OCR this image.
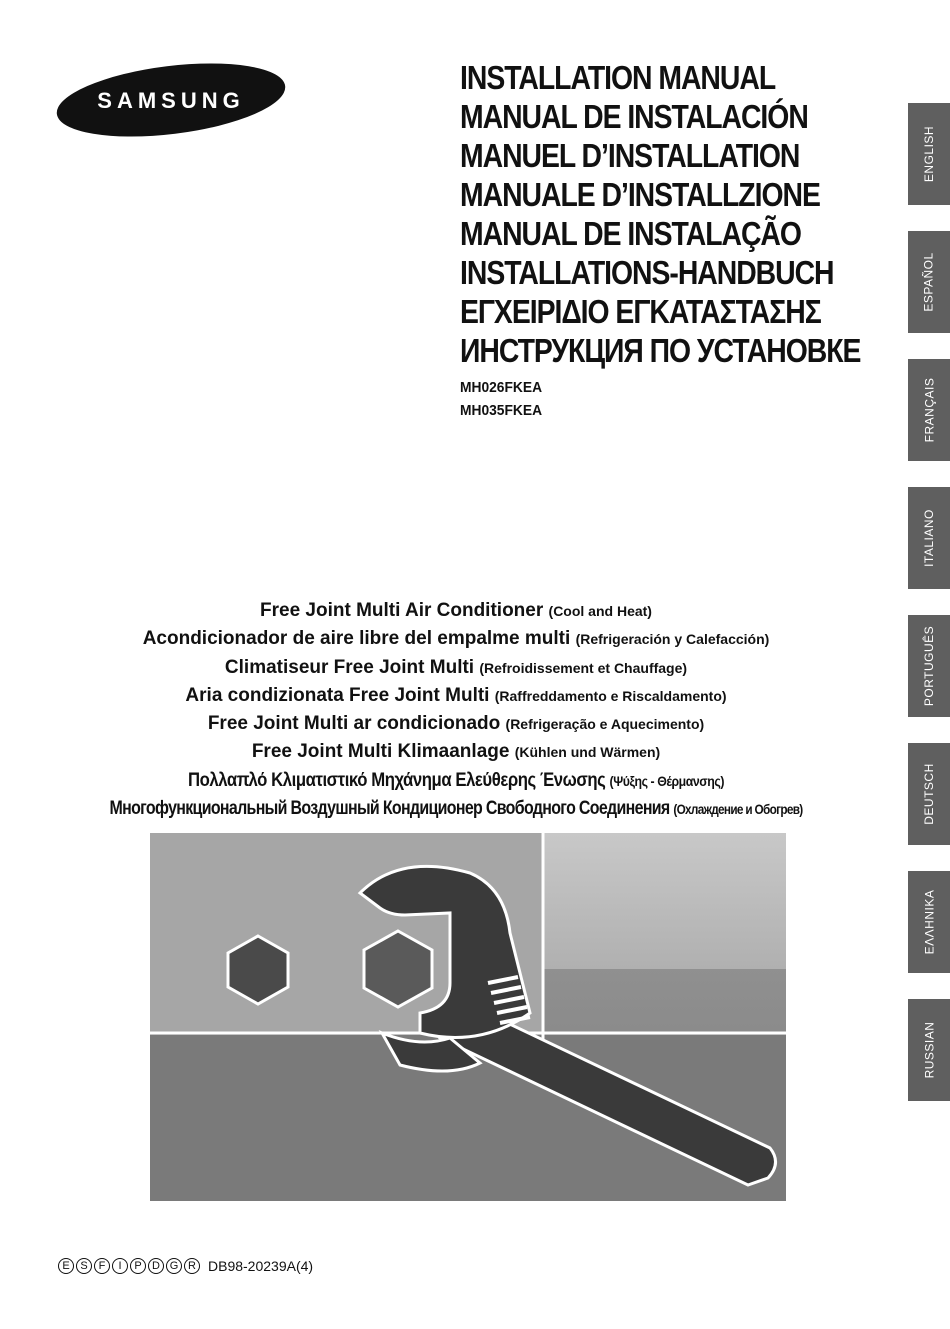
SAMSUNG
INSTALLATION MANUAL
MANUAL DE INSTALACIÓN
MANUEL D’INSTALLATION
MANUALE D’INSTALLZIONE
MANUAL DE INSTALAÇÃO
INSTALLATIONS-HANDBUCH
ΕΓΧΕΙΡΙΔΙΟ ΕΓΚΑΤΑΣΤΑΣΗΣ
ИНСТРУКЦИЯ ПО УСТАНОВКЕ
MH026FKEA
MH035FKEA
ENGLISH
ESPAÑOL
FRANÇAIS
ITALIANO
PORTUGUÊS
DEUTSCH
ΕΛΛΗΝΙΚΑ
RUSSIAN
Free Joint Multi Air Conditioner (Cool and Heat)
Acondicionador de aire libre del empalme multi (Refrigeración y Calefacción)
Climatiseur Free Joint Multi (Refroidissement et Chauffage)
Aria condizionata Free Joint Multi (Raffreddamento e Riscaldamento)
Free Joint Multi ar condicionado (Refrigeração e Aquecimento)
Free Joint Multi Klimaanlage (Kühlen und Wärmen)
Πολλαπλό Κλιματιστικό Μηχάνημα Ελεύθερης Ένωσης (Ψύξης - Θέρμανσης)
Многофункциональный Воздушный Кондиционер Свободного Соединения (Охлаждение и Обогрев)
E S F	I	P D G R DB98-20239A(4)
